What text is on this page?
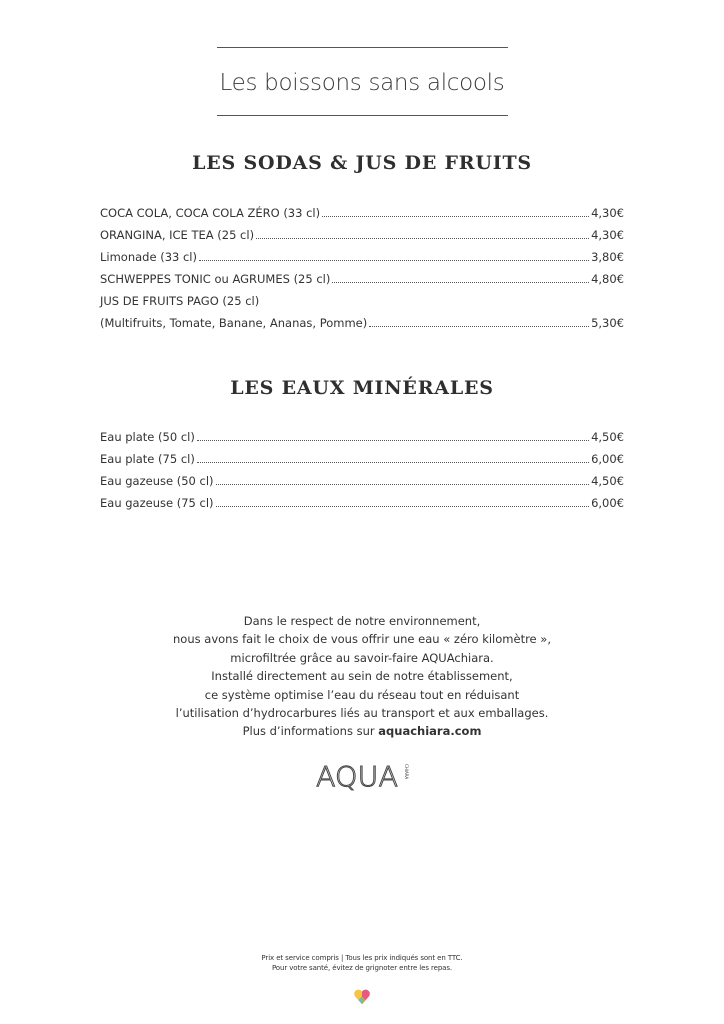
Les boissons sans alcools
LES SODAS & JUS DE FRUITS
COCA COLA, COCA COLA ZÉRO (33 cl)	4,30€
ORANGINA, ICE TEA (25 cl)	4,30€
Limonade (33 cl)	3,80€
SCHWEPPES TONIC ou AGRUMES (25 cl)	4,80€
JUS DE FRUITS PAGO (25 cl)
(Multifruits, Tomate, Banane, Ananas, Pomme)	5,30€
LES EAUX MINÉRALES
Eau plate (50 cl)	4,50€
Eau plate (75 cl)	6,00€
Eau gazeuse (50 cl)	4,50€
Eau gazeuse (75 cl)	6,00€

Dans le respect de notre environnement,

nous avons fait le choix de vous offrir une eau « zéro kilomètre »,

microfiltrée grâce au savoir-faire AQUAchiara.

Installé directement au sein de notre établissement,

ce système optimise l’eau du réseau tout en réduisant

l’utilisation d’hydrocarbures liés au transport et aux emballages.

Plus d’informations sur aquachiara.com

AQUA CHIARA

Prix et service compris | Tous les prix indiqués sont en TTC.

Pour votre santé, évitez de grignoter entre les repas.
